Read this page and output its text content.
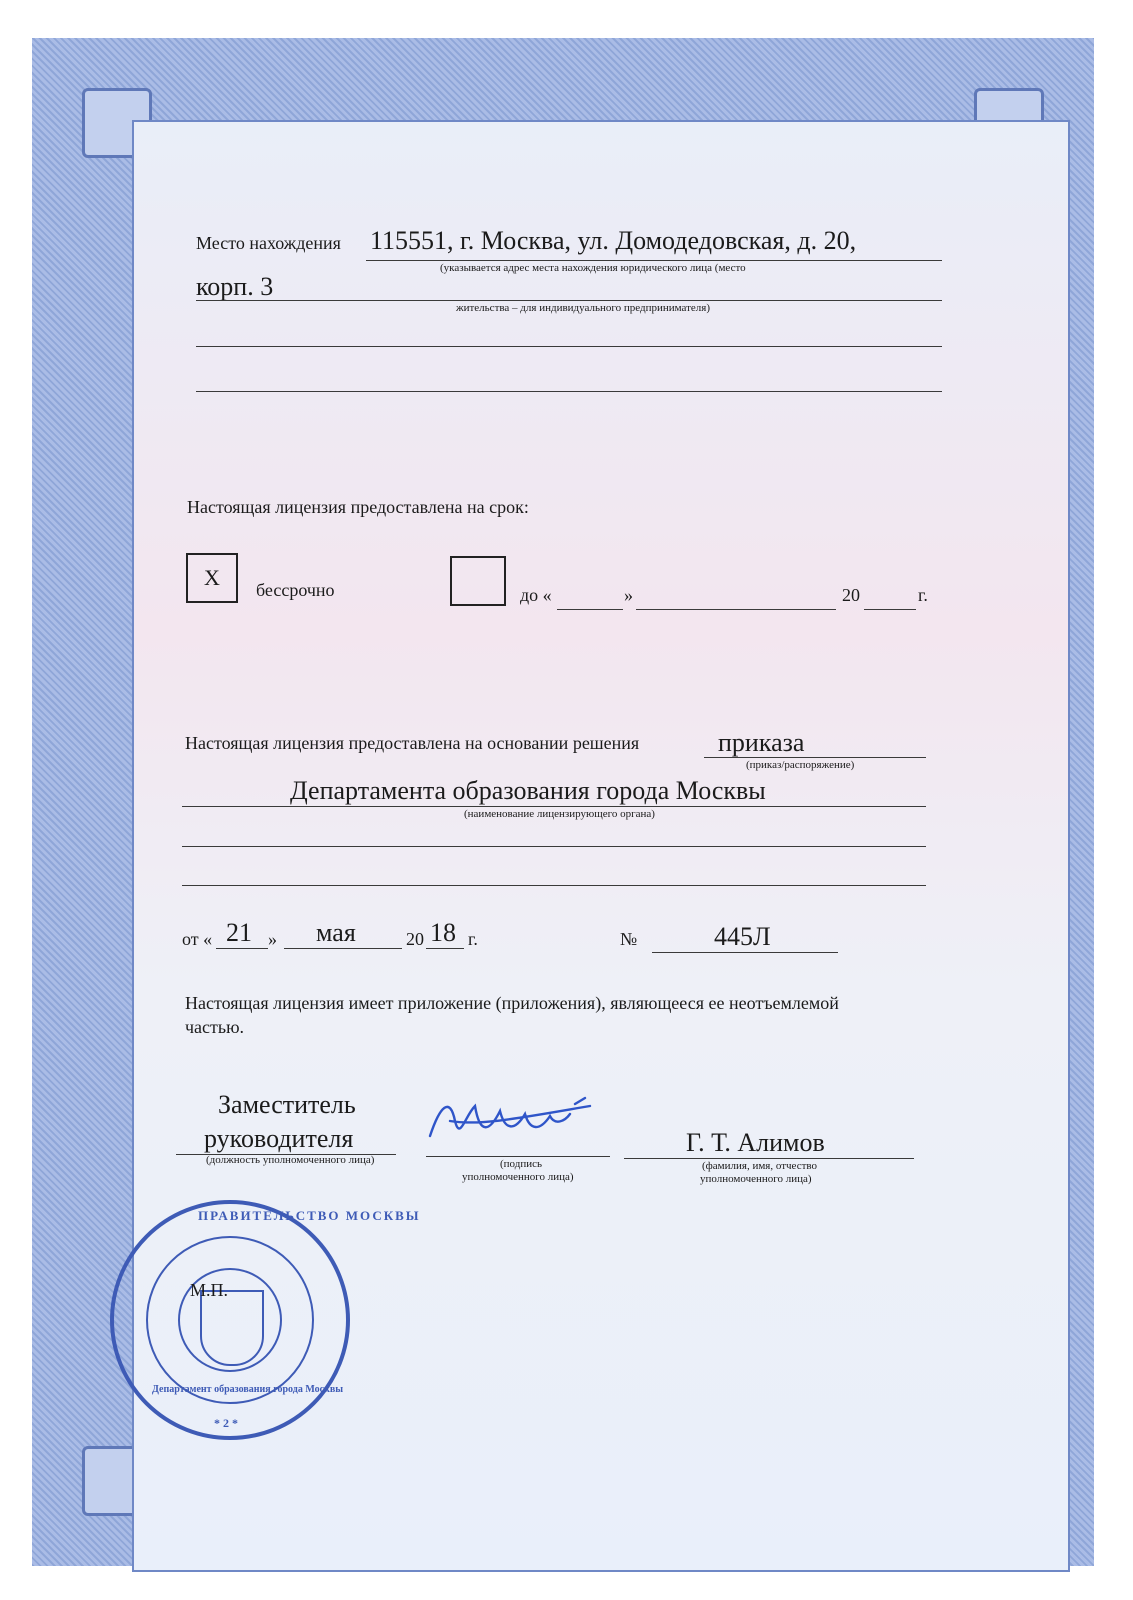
Место нахождения 115551, г. Москва, ул. Домодедовская, д. 20,
(указывается адрес места нахождения юридического лица (место
корп. 3
жительства – для индивидуального предпринимателя)
Настоящая лицензия предоставлена на срок:
Х бессрочно	до «	»	20	г.
Настоящая лицензия предоставлена на основании решения	приказа
(приказ/распоряжение)
Департамента образования города Москвы
(наименование лицензирующего органа)
от « 21 » мая	20 18 г.	№	445Л
Настоящая лицензия имеет приложение (приложения), являющееся ее неотъемлемой
частью.
Заместитель
руководителя
(должность уполномоченного лица)	(подпись
уполномоченного лица)
Г. Т. Алимов
(фамилия, имя, отчество
уполномоченного лица)
ПРАВИТЕЛЬСТВО МОСКВЫ
Департамент образования города Москвы
* 2 *
М.П.
